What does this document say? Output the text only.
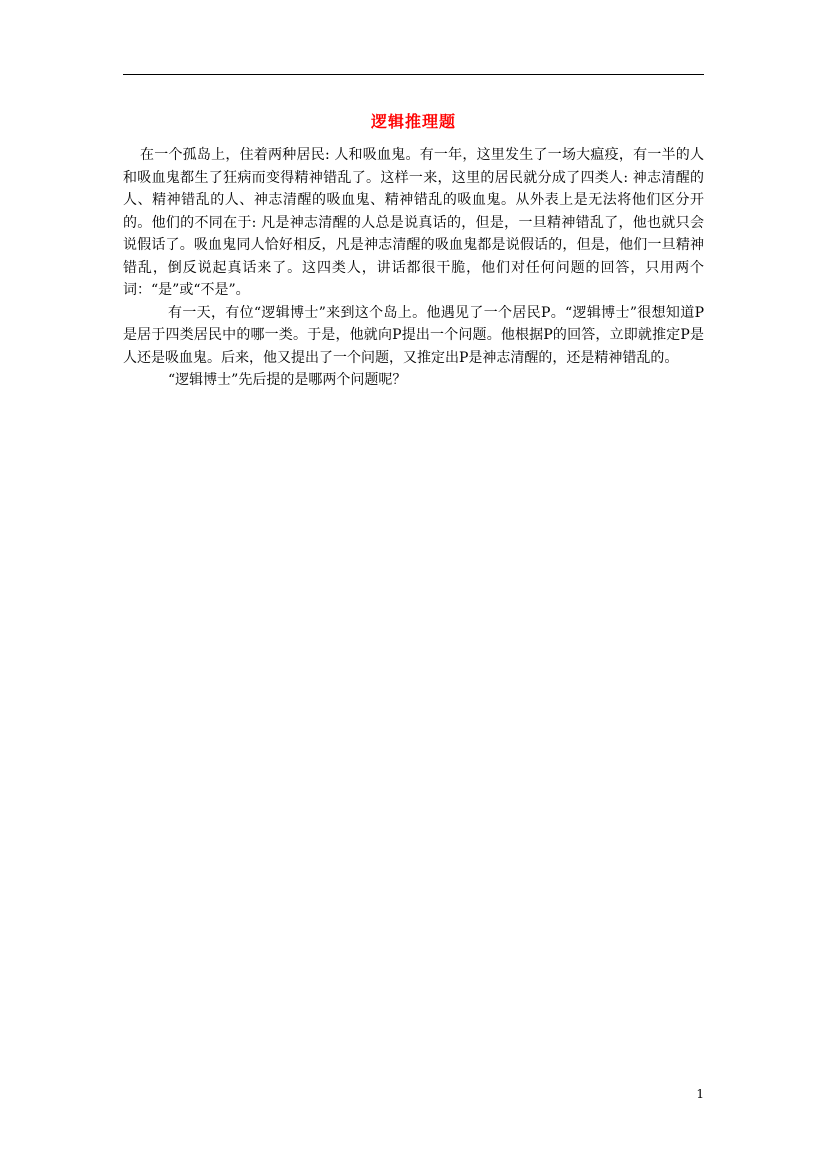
逻辑推理题

在一个孤岛上，住着两种居民: 人和吸血鬼。有一年，这里发生了一场大瘟疫，有一半的人和吸血鬼都生了狂病而变得精神错乱了。这样一来，这里的居民就分成了四类人: 神志清醒的人、精神错乱的人、神志清醒的吸血鬼、精神错乱的吸血鬼。从外表上是无法将他们区分开的。他们的不同在于: 凡是神志清醒的人总是说真话的，但是，一旦精神错乱了，他也就只会说假话了。吸血鬼同人恰好相反，凡是神志清醒的吸血鬼都是说假话的，但是，他们一旦精神错乱，倒反说起真话来了。这四类人，讲话都很干脆，他们对任何问题的回答，只用两个词：“是”或“不是”。

有一天，有位“逻辑博士”来到这个岛上。他遇见了一个居民P。“逻辑博士”很想知道P是居于四类居民中的哪一类。于是，他就向P提出一个问题。他根据P的回答，立即就推定P是人还是吸血鬼。后来，他又提出了一个问题，又推定出P是神志清醒的，还是精神错乱的。

“逻辑博士”先后提的是哪两个问题呢？

1
